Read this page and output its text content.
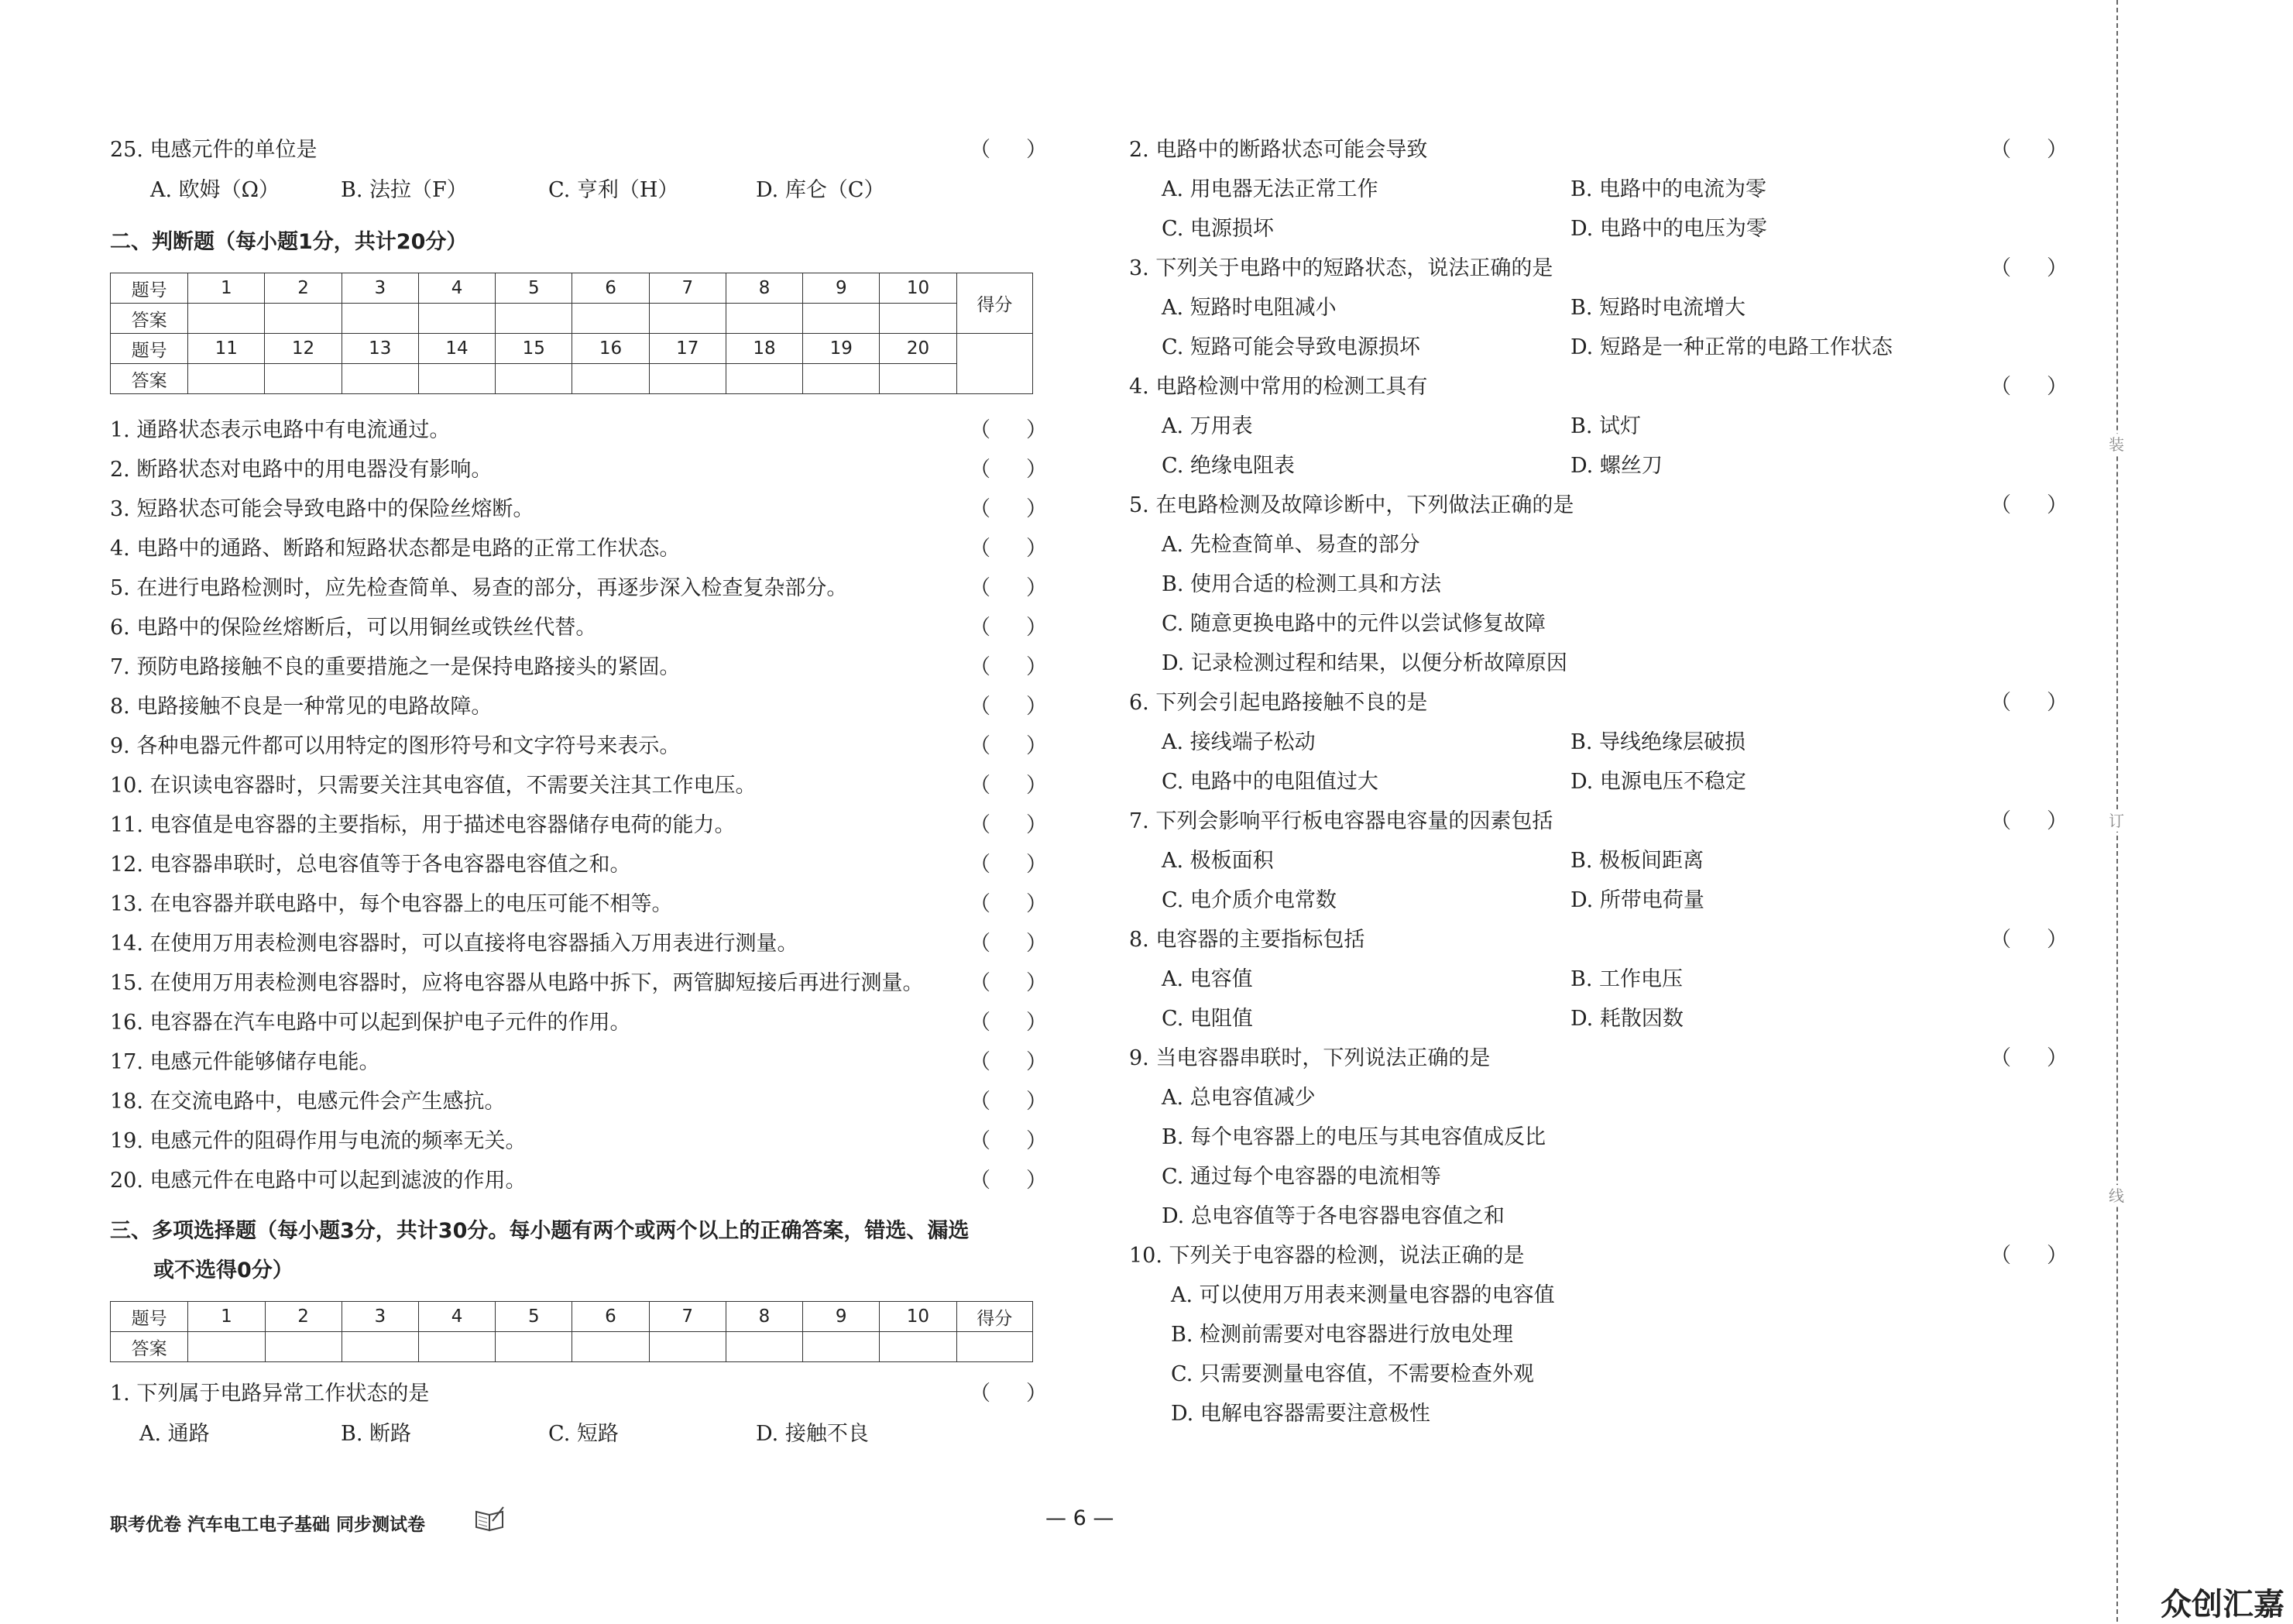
25. 电感元件的单位是	（ ）
A. 欧姆（Ω）	B. 法拉（F）	C. 亨利（H）	D. 库仑（C）
二、判断题（每小题1分，共计20分）
题号	1	2	3	4	5	6	7	8	9	10	得分
答案											
题号	11	12	13	14	15	16	17	18	19	20	
答案											
1. 通路状态表示电路中有电流通过。	（ ）
2. 断路状态对电路中的用电器没有影响。	（ ）
3. 短路状态可能会导致电路中的保险丝熔断。	（ ）
4. 电路中的通路、断路和短路状态都是电路的正常工作状态。	（ ）
5. 在进行电路检测时，应先检查简单、易查的部分，再逐步深入检查复杂部分。	（ ）
6. 电路中的保险丝熔断后，可以用铜丝或铁丝代替。	（ ）
7. 预防电路接触不良的重要措施之一是保持电路接头的紧固。	（ ）
8. 电路接触不良是一种常见的电路故障。	（ ）
9. 各种电器元件都可以用特定的图形符号和文字符号来表示。	（ ）
10. 在识读电容器时，只需要关注其电容值，不需要关注其工作电压。	（ ）
11. 电容值是电容器的主要指标，用于描述电容器储存电荷的能力。	（ ）
12. 电容器串联时，总电容值等于各电容器电容值之和。	（ ）
13. 在电容器并联电路中，每个电容器上的电压可能不相等。	（ ）
14. 在使用万用表检测电容器时，可以直接将电容器插入万用表进行测量。	（ ）
15. 在使用万用表检测电容器时，应将电容器从电路中拆下，两管脚短接后再进行测量。 （ ）
16. 电容器在汽车电路中可以起到保护电子元件的作用。	（ ）
17. 电感元件能够储存电能。	（ ）
18. 在交流电路中，电感元件会产生感抗。	（ ）
19. 电感元件的阻碍作用与电流的频率无关。	（ ）
20. 电感元件在电路中可以起到滤波的作用。	（ ）
三、多项选择题（每小题3分，共计30分。每小题有两个或两个以上的正确答案，错选、漏选
或不选得0分）
题号	1	2	3	4	5	6	7	8	9	10	得分
答案											
1. 下列属于电路异常工作状态的是	（ ）
A. 通路	B. 断路	C. 短路	D. 接触不良
2. 电路中的断路状态可能会导致	（ ）
A. 用电器无法正常工作	B. 电路中的电流为零
C. 电源损坏	D. 电路中的电压为零
3. 下列关于电路中的短路状态，说法正确的是	（ ）
A. 短路时电阻减小	B. 短路时电流增大
C. 短路可能会导致电源损坏	D. 短路是一种正常的电路工作状态
4. 电路检测中常用的检测工具有	（ ）
A. 万用表	B. 试灯
C. 绝缘电阻表	D. 螺丝刀
5. 在电路检测及故障诊断中，下列做法正确的是	（ ）
A. 先检查简单、易查的部分
B. 使用合适的检测工具和方法
C. 随意更换电路中的元件以尝试修复故障
D. 记录检测过程和结果，以便分析故障原因
6. 下列会引起电路接触不良的是	（ ）
A. 接线端子松动	B. 导线绝缘层破损
C. 电路中的电阻值过大	D. 电源电压不稳定
7. 下列会影响平行板电容器电容量的因素包括	（ ）
A. 极板面积	B. 极板间距离
C. 电介质介电常数	D. 所带电荷量
8. 电容器的主要指标包括	（ ）
A. 电容值	B. 工作电压
C. 电阻值	D. 耗散因数
9. 当电容器串联时，下列说法正确的是	（ ）
A. 总电容值减少
B. 每个电容器上的电压与其电容值成反比
C. 通过每个电容器的电流相等
D. 总电容值等于各电容器电容值之和
10. 下列关于电容器的检测，说法正确的是	（ ）
A. 可以使用万用表来测量电容器的电容值
B. 检测前需要对电容器进行放电处理
C. 只需要测量电容值，不需要检查外观
D. 电解电容器需要注意极性
装
订
线
职考优卷 汽车电工电子基础 同步测试卷	— 6 —
众创汇嘉
